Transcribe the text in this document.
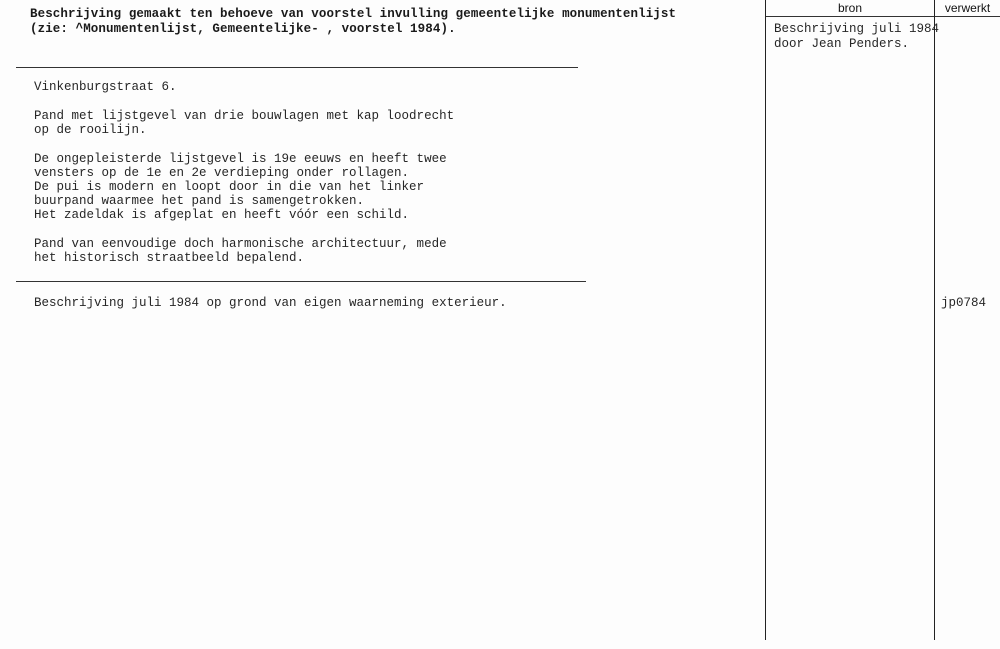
Beschrijving gemaakt ten behoeve van voorstel invulling gemeentelijke monumentenlijst
(zie: ^Monumentenlijst, Gemeentelijke- , voorstel 1984).
bron	verwerkt
Beschrijving juli 1984
door Jean Penders.
Vinkenburgstraat 6.
Pand met lijstgevel van drie bouwlagen met kap loodrecht
op de rooilijn.
De ongepleisterde lijstgevel is 19e eeuws en heeft twee
vensters op de 1e en 2e verdieping onder rollagen.
De pui is modern en loopt door in die van het linker
buurpand waarmee het pand is samengetrokken.
Het zadeldak is afgeplat en heeft vóór een schild.
Pand van eenvoudige doch harmonische architectuur, mede
het historisch straatbeeld bepalend.
Beschrijving juli 1984 op grond van eigen waarneming exterieur.	jp0784
